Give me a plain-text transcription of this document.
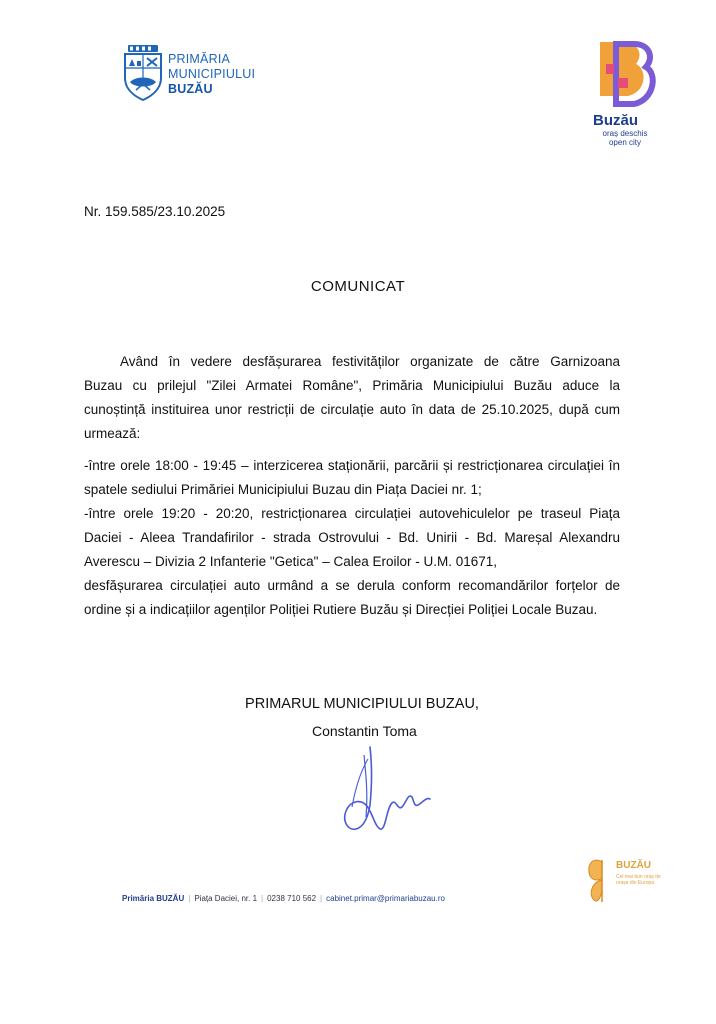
PRIMĂRIA
MUNICIPIULUI
BUZĂU
Buzău
oraș deschis
open city
Nr. 159.585/23.10.2025
COMUNICAT
Având în vedere desfășurarea festivităților organizate de către Garnizoana
Buzau cu prilejul "Zilei Armatei Române", Primăria Municipiului Buzău aduce la
cunoștință instituirea unor restricții de circulație auto în data de 25.10.2025, după cum
urmează:
-între orele 18:00 - 19:45 – interzicerea staționării, parcării și restricționarea circulației în
spatele sediului Primăriei Municipiului Buzau din Piața Daciei nr. 1;
-între orele 19:20 - 20:20, restricționarea circulației autovehiculelor pe traseul Piața
Daciei - Aleea Trandafirilor - strada Ostrovului - Bd. Unirii - Bd. Mareșal Alexandru
Averescu – Divizia 2 Infanterie "Getica" – Calea Eroilor - U.M. 01671,
desfășurarea circulației auto urmând a se derula conform recomandărilor forțelor de
ordine și a indicațiilor agenților Poliției Rutiere Buzău și Direcției Poliției Locale Buzau.
PRIMARUL MUNICIPIULUI BUZAU,
Constantin Toma
Primăria BUZĂU | Piața Daciei, nr. 1 | 0238 710 562 | cabinet.primar@primariabuzau.ro
BUZĂU
Cel mai bun oraș de orașe din Europa
